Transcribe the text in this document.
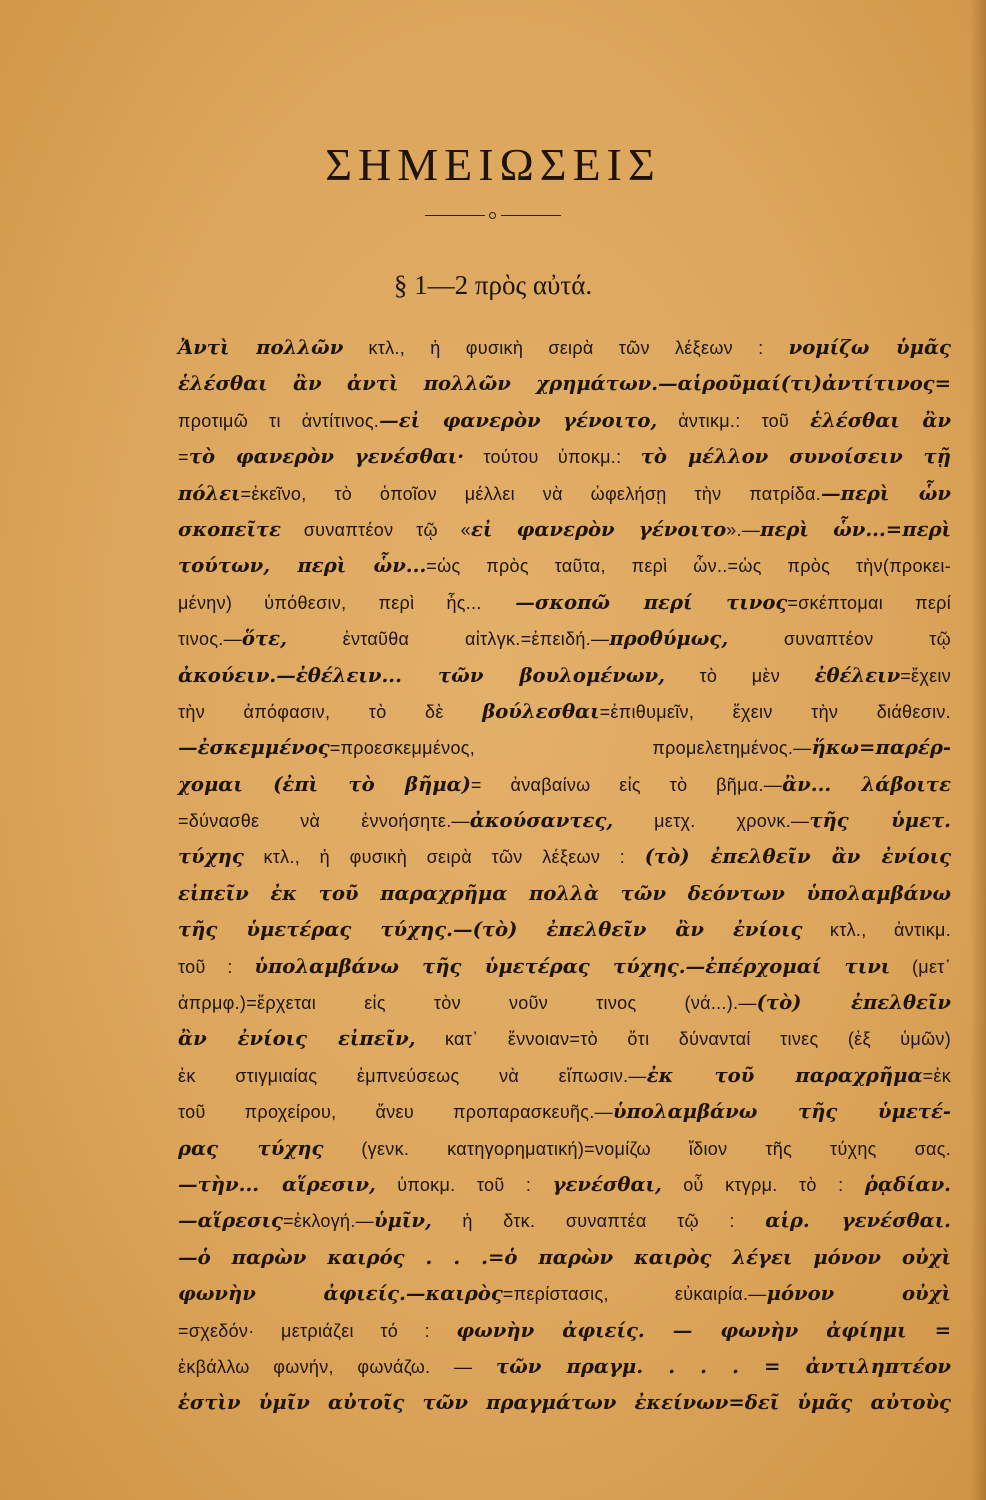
ΣΗΜΕΙΩΣΕΙΣ
§ 1—2 πρὸς αὐτά.
Ἀντὶ πολλῶν κτλ., ἡ φυσικὴ σειρὰ τῶν λέξεων : νομίζω ὑμᾶς
ἑλέσθαι ἂν ἀντὶ πολλῶν χρημάτων.—αἱροῦμαί(τι)ἀντίτινος=
προτιμῶ τι ἀντίτινος.—εἰ φανερὸν γένοιτο, ἀντικμ.: τοῦ ἑλέσθαι ἂν
=τὸ φανερὸν γενέσθαι· τούτου ὑποκμ.: τὸ μέλλον συνοίσειν τῇ
πόλει=ἐκεῖνο, τὸ ὁποῖον μέλλει νὰ ὠφελήσῃ τὴν πατρίδα.—περὶ ὧν
σκοπεῖτε συναπτέον τῷ «εἰ φανερὸν γένοιτο».—περὶ ὧν...=περὶ
τούτων, περὶ ὧν...=ὡς πρὸς ταῦτα, περὶ ὧν..=ὡς πρὸς τὴν(προκει-
μένην) ὑπόθεσιν, περὶ ἧς... —σκοπῶ περί τινος=σκέπτομαι περί
τινος.—ὅτε, ἐνταῦθα αἰτλγκ.=ἐπειδή.—προθύμως, συναπτέον τῷ
ἀκούειν.—ἐθέλειν... τῶν βουλομένων, τὸ μὲν ἐθέλειν=ἔχειν
τὴν ἀπόφασιν, τὸ δὲ βούλεσθαι=ἐπιθυμεῖν, ἔχειν τὴν διάθεσιν.
—ἐσκεμμένος=προεσκεμμένος, προμελετημένος.—ἥκω=παρέρ-
χομαι (ἐπὶ τὸ βῆμα)= ἀναβαίνω εἰς τὸ βῆμα.—ἂν... λάβοιτε
=δύνασθε νὰ ἐννοήσητε.—ἀκούσαντες, μετχ. χρονκ.—τῆς ὑμετ.
τύχης κτλ., ἡ φυσικὴ σειρὰ τῶν λέξεων : (τὸ) ἐπελθεῖν ἂν ἐνίοις
εἰπεῖν ἐκ τοῦ παραχρῆμα πολλὰ τῶν δεόντων ὑπολαμβάνω
τῆς ὑμετέρας τύχης.—(τὸ) ἐπελθεῖν ἂν ἐνίοις κτλ., ἀντικμ.
τοῦ : ὑπολαμβάνω τῆς ὑμετέρας τύχης.—ἐπέρχομαί τινι (μετ᾽
ἀπρμφ.)=ἔρχεται εἰς τὸν νοῦν τινος (νά...).—(τὸ) ἐπελθεῖν
ἂν ἐνίοις εἰπεῖν, κατ᾽ ἔννοιαν=τὸ ὅτι δύνανταί τινες (ἐξ ὑμῶν)
ἐκ στιγμιαίας ἐμπνεύσεως νὰ εἴπωσιν.—ἐκ τοῦ παραχρῆμα=ἐκ
τοῦ προχείρου, ἄνευ προπαρασκευῆς.—ὑπολαμβάνω τῆς ὑμετέ-
ρας τύχης (γενκ. κατηγορηματική)=νομίζω ἴδιον τῆς τύχης σας.
—τὴν... αἵρεσιν, ὑποκμ. τοῦ : γενέσθαι, οὗ κτγρμ. τὸ : ῥᾳδίαν.
—αἵρεσις=ἐκλογή.—ὑμῖν, ἡ δτκ. συναπτέα τῷ : αἱρ. γενέσθαι.
—ὁ παρὼν καιρός . . .=ὁ παρὼν καιρὸς λέγει μόνον οὐχὶ
φωνὴν ἀφιείς.—καιρὸς=περίστασις, εὐκαιρία.—μόνον οὐχὶ
=σχεδόν· μετριάζει τό : φωνὴν ἀφιείς. — φωνὴν ἀφίημι =
ἐκβάλλω φωνήν, φωνάζω. — τῶν πραγμ. . . . = ἀντιληπτέον
ἐστὶν ὑμῖν αὐτοῖς τῶν πραγμάτων ἐκείνων=δεῖ ὑμᾶς αὐτοὺς
